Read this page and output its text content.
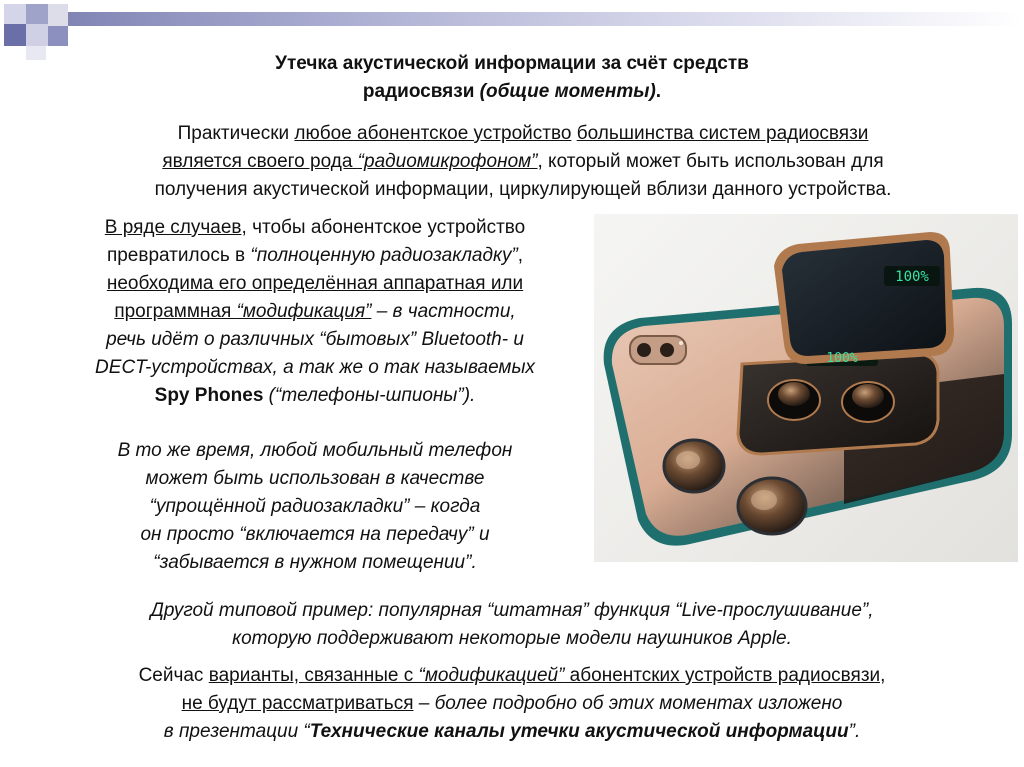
Утечка акустической информации за счёт средств
радиосвязи (общие моменты).
Практически любое абонентское устройство большинства систем радиосвязи
является своего рода “радиомикрофоном”, который может быть использован для
получения акустической информации, циркулирующей вблизи данного устройства.
В ряде случаев, чтобы абонентское устройство
превратилось в “полноценную радиозакладку”,
необходима его определённая аппаратная или
программная “модификация” – в частности,
речь идёт о различных “бытовых” Bluetooth- и
DECT-устройствах, а так же о так называемых
Spy Phones (“телефоны-шпионы”).
В то же время, любой мобильный телефон
может быть использован в качестве
“упрощённой радиозакладки” – когда
он просто “включается на передачу” и
“забывается в нужном помещении”.
Другой типовой пример: популярная “штатная” функция “Live-прослушивание”,
которую поддерживают некоторые модели наушников Apple.
Сейчас варианты, связанные с “модификацией” абонентских устройств радиосвязи,
не будут рассматриваться – более подробно об этих моментах изложено
в презентации “Технические каналы утечки акустической информации”.
100%
100%
